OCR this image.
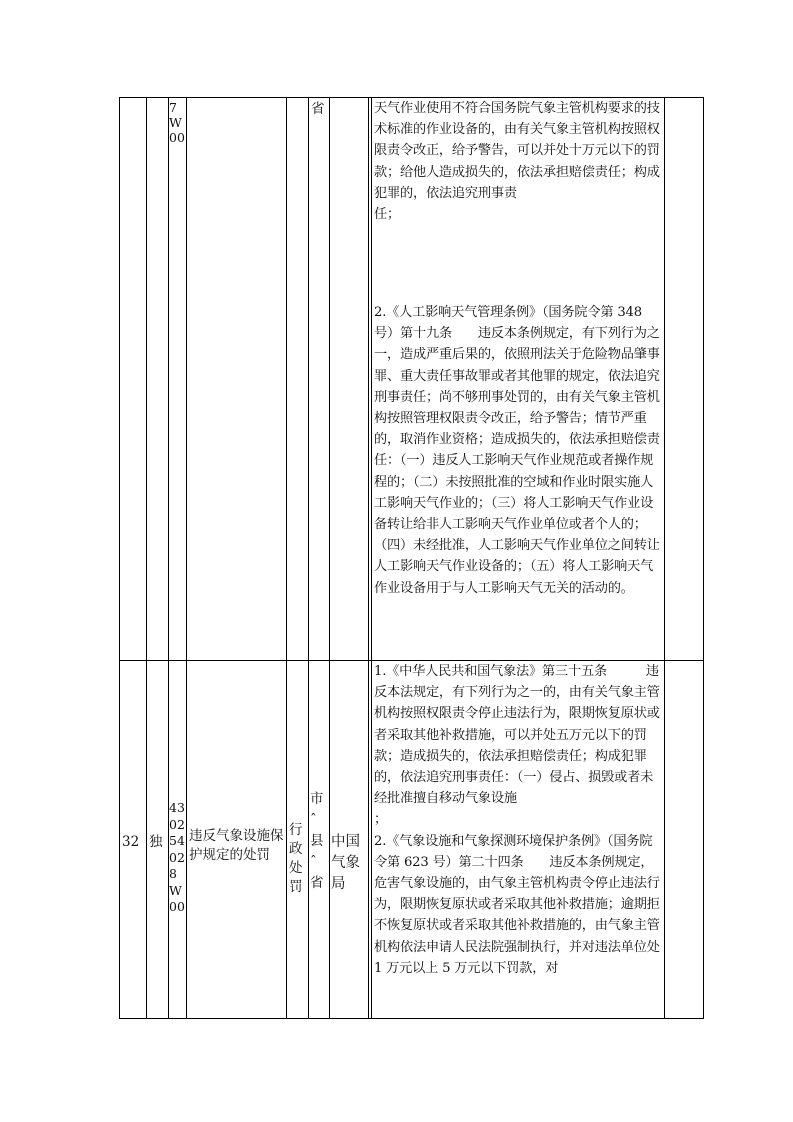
7W00
省	天气作业使用不符合国务院气象主管机构要求的技术标准的作业设备的，由有关气象主管机构按照权限责令改正，给予警告，可以并处十万元以下的罚款；给他人造成损失的，依法承担赔偿责任；构成犯罪的，依法追究刑事责
任；
2.《人工影响天气管理条例》（国务院令第 348 号）第十九条　　违反本条例规定，有下列行为之一，造成严重后果的，依照刑法关于危险物品肇事罪、重大责任事故罪或者其他罪的规定，依法追究刑事责任；尚不够刑事处罚的，由有关气象主管机构按照管理权限责令改正，给予警告；情节严重的，取消作业资格；造成损失的，依法承担赔偿责任：（一）违反人工影响天气作业规范或者操作规程的；（二）未按照批准的空域和作业时限实施人工影响天气作业的；（三）将人工影响天气作业设备转让给非人工影响天气作业单位或者个人的；（四）未经批准，人工影响天气作业单位之间转让人工影响天气作业设备的；（五）将人工影响天气作业设备用于与人工影响天气无关的活动的。
32 独
430254028W00
违反气象设施保护规定的处罚
行政处罚
市ˆ县ˆ省
中国气象局
1.《中华人民共和国气象法》第三十五条　　　违反本法规定，有下列行为之一的，由有关气象主管机构按照权限责令停止违法行为，限期恢复原状或者采取其他补救措施，可以并处五万元以下的罚款；造成损失的，依法承担赔偿责任；构成犯罪的，依法追究刑事责任：（一）侵占、损毁或者未经批准擅自移动气象设施
；
2.《气象设施和气象探测环境保护条例》（国务院令第 623 号）第二十四条　　违反本条例规定，危害气象设施的，由气象主管机构责令停止违法行为，限期恢复原状或者采取其他补救措施；逾期拒不恢复原状或者采取其他补救措施的，由气象主管机构依法申请人民法院强制执行，并对违法单位处 1 万元以上 5 万元以下罚款，对
